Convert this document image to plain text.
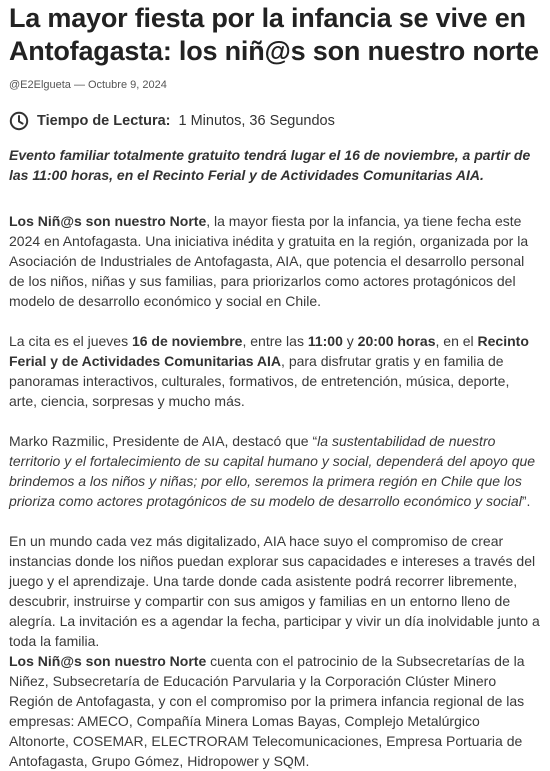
La mayor fiesta por la infancia se vive en Antofagasta: los niñ@s son nuestro norte
@E2Elgueta — Octubre 9, 2024
Tiempo de Lectura: 1 Minutos, 36 Segundos
Evento familiar totalmente gratuito tendrá lugar el 16 de noviembre, a partir de las 11:00 horas, en el Recinto Ferial y de Actividades Comunitarias AIA.
Los Niñ@s son nuestro Norte, la mayor fiesta por la infancia, ya tiene fecha este 2024 en Antofagasta. Una iniciativa inédita y gratuita en la región, organizada por la Asociación de Industriales de Antofagasta, AIA, que potencia el desarrollo personal de los niños, niñas y sus familias, para priorizarlos como actores protagónicos del modelo de desarrollo económico y social en Chile.
La cita es el jueves 16 de noviembre, entre las 11:00 y 20:00 horas, en el Recinto Ferial y de Actividades Comunitarias AIA, para disfrutar gratis y en familia de panoramas interactivos, culturales, formativos, de entretención, música, deporte, arte, ciencia, sorpresas y mucho más.
Marko Razmilic, Presidente de AIA, destacó que “la sustentabilidad de nuestro territorio y el fortalecimiento de su capital humano y social, dependerá del apoyo que brindemos a los niños y niñas; por ello, seremos la primera región en Chile que los prioriza como actores protagónicos de su modelo de desarrollo económico y social”.
En un mundo cada vez más digitalizado, AIA hace suyo el compromiso de crear instancias donde los niños puedan explorar sus capacidades e intereses a través del juego y el aprendizaje. Una tarde donde cada asistente podrá recorrer libremente, descubrir, instruirse y compartir con sus amigos y familias en un entorno lleno de alegría. La invitación es a agendar la fecha, participar y vivir un día inolvidable junto a toda la familia.
Los Niñ@s son nuestro Norte cuenta con el patrocinio de la Subsecretarías de la Niñez, Subsecretaría de Educación Parvularia y la Corporación Clúster Minero Región de Antofagasta, y con el compromiso por la primera infancia regional de las empresas: AMECO, Compañía Minera Lomas Bayas, Complejo Metalúrgico Altonorte, COSEMAR, ELECTRORAM Telecomunicaciones, Empresa Portuaria de Antofagasta, Grupo Gómez, Hidropower y SQM.
